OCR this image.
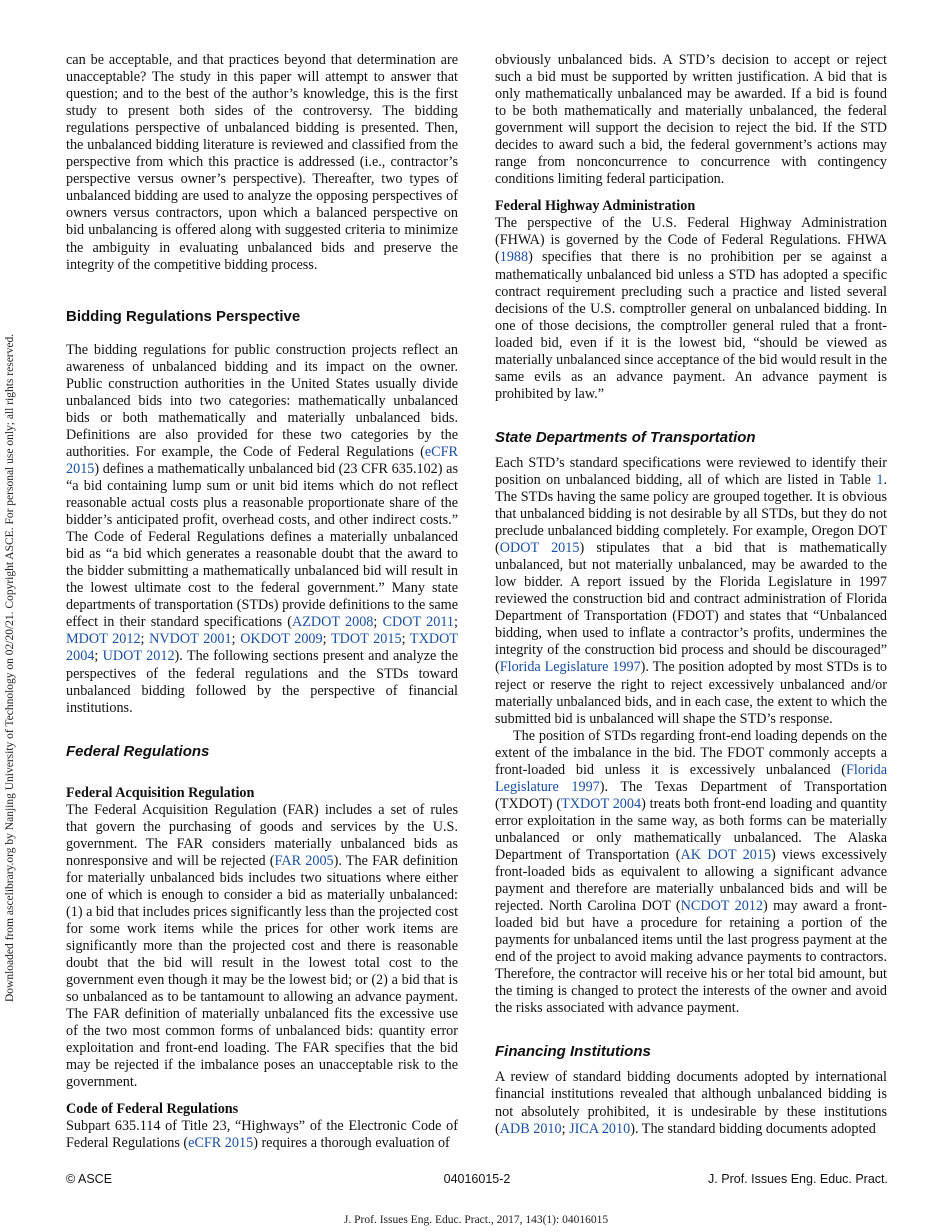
Downloaded from ascelibrary.org by Nanjing University of Technology on 02/20/21. Copyright ASCE. For personal use only; all rights reserved.

can be acceptable, and that practices beyond that determination are unacceptable? The study in this paper will attempt to answer that question; and to the best of the author’s knowledge, this is the first study to present both sides of the controversy. The bidding regulations perspective of unbalanced bidding is presented. Then, the unbalanced bidding literature is reviewed and classified from the perspective from which this practice is addressed (i.e., contractor’s perspective versus owner’s perspective). Thereafter, two types of unbalanced bidding are used to analyze the opposing perspectives of owners versus contractors, upon which a balanced perspective on bid unbalancing is offered along with suggested criteria to minimize the ambiguity in evaluating unbalanced bids and preserve the integrity of the competitive bidding process.

Bidding Regulations Perspective

The bidding regulations for public construction projects reflect an awareness of unbalanced bidding and its impact on the owner. Public construction authorities in the United States usually divide unbalanced bids into two categories: mathematically unbalanced bids or both mathematically and materially unbalanced bids. Definitions are also provided for these two categories by the authorities. For example, the Code of Federal Regulations (eCFR 2015) defines a mathematically unbalanced bid (23 CFR 635.102) as “a bid containing lump sum or unit bid items which do not reflect reasonable actual costs plus a reasonable proportionate share of the bidder’s anticipated profit, overhead costs, and other indirect costs.” The Code of Federal Regulations defines a materially unbalanced bid as “a bid which generates a reasonable doubt that the award to the bidder submitting a mathematically unbalanced bid will result in the lowest ultimate cost to the federal government.” Many state departments of transportation (STDs) provide definitions to the same effect in their standard specifications (AZDOT 2008; CDOT 2011; MDOT 2012; NVDOT 2001; OKDOT 2009; TDOT 2015; TXDOT 2004; UDOT 2012). The following sections present and analyze the perspectives of the federal regulations and the STDs toward unbalanced bidding followed by the perspective of financial institutions.

Federal Regulations
Federal Acquisition Regulation

The Federal Acquisition Regulation (FAR) includes a set of rules that govern the purchasing of goods and services by the U.S. government. The FAR considers materially unbalanced bids as nonresponsive and will be rejected (FAR 2005). The FAR definition for materially unbalanced bids includes two situations where either one of which is enough to consider a bid as materially unbalanced: (1) a bid that includes prices significantly less than the projected cost for some work items while the prices for other work items are significantly more than the projected cost and there is reasonable doubt that the bid will result in the lowest total cost to the government even though it may be the lowest bid; or (2) a bid that is so unbalanced as to be tantamount to allowing an advance payment. The FAR definition of materially unbalanced fits the excessive use of the two most common forms of unbalanced bids: quantity error exploitation and front-end loading. The FAR specifies that the bid may be rejected if the imbalance poses an unacceptable risk to the government.

Code of Federal Regulations

Subpart 635.114 of Title 23, “Highways” of the Electronic Code of Federal Regulations (eCFR 2015) requires a thorough evaluation of

obviously unbalanced bids. A STD’s decision to accept or reject such a bid must be supported by written justification. A bid that is only mathematically unbalanced may be awarded. If a bid is found to be both mathematically and materially unbalanced, the federal government will support the decision to reject the bid. If the STD decides to award such a bid, the federal government’s actions may range from nonconcurrence to concurrence with contingency conditions limiting federal participation.

Federal Highway Administration

The perspective of the U.S. Federal Highway Administration (FHWA) is governed by the Code of Federal Regulations. FHWA (1988) specifies that there is no prohibition per se against a mathematically unbalanced bid unless a STD has adopted a specific contract requirement precluding such a practice and listed several decisions of the U.S. comptroller general on unbalanced bidding. In one of those decisions, the comptroller general ruled that a front-loaded bid, even if it is the lowest bid, “should be viewed as materially unbalanced since acceptance of the bid would result in the same evils as an advance payment. An advance payment is prohibited by law.”

State Departments of Transportation

Each STD’s standard specifications were reviewed to identify their position on unbalanced bidding, all of which are listed in Table 1. The STDs having the same policy are grouped together. It is obvious that unbalanced bidding is not desirable by all STDs, but they do not preclude unbalanced bidding completely. For example, Oregon DOT (ODOT 2015) stipulates that a bid that is mathematically unbalanced, but not materially unbalanced, may be awarded to the low bidder. A report issued by the Florida Legislature in 1997 reviewed the construction bid and contract administration of Florida Department of Transportation (FDOT) and states that “Unbalanced bidding, when used to inflate a contractor’s profits, undermines the integrity of the construction bid process and should be discouraged” (Florida Legislature 1997). The position adopted by most STDs is to reject or reserve the right to reject excessively unbalanced and/or materially unbalanced bids, and in each case, the extent to which the submitted bid is unbalanced will shape the STD’s response.

The position of STDs regarding front-end loading depends on the extent of the imbalance in the bid. The FDOT commonly accepts a front-loaded bid unless it is excessively unbalanced (Florida Legislature 1997). The Texas Department of Transportation (TXDOT) (TXDOT 2004) treats both front-end loading and quantity error exploitation in the same way, as both forms can be materially unbalanced or only mathematically unbalanced. The Alaska Department of Transportation (AK DOT 2015) views excessively front-loaded bids as equivalent to allowing a significant advance payment and therefore are materially unbalanced bids and will be rejected. North Carolina DOT (NCDOT 2012) may award a front-loaded bid but have a procedure for retaining a portion of the payments for unbalanced items until the last progress payment at the end of the project to avoid making advance payments to contractors. Therefore, the contractor will receive his or her total bid amount, but the timing is changed to protect the interests of the owner and avoid the risks associated with advance payment.

Financing Institutions

A review of standard bidding documents adopted by international financial institutions revealed that although unbalanced bidding is not absolutely prohibited, it is undesirable by these institutions (ADB 2010; JICA 2010). The standard bidding documents adopted

© ASCE	04016015-2	J. Prof. Issues Eng. Educ. Pract.
J. Prof. Issues Eng. Educ. Pract., 2017, 143(1): 04016015
